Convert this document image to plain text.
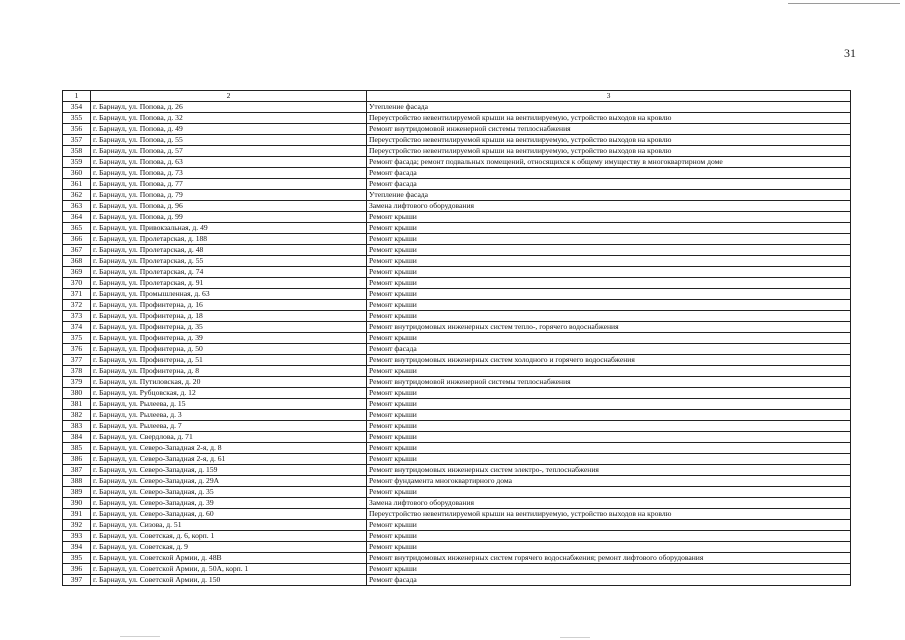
31
1	2	3
354	г. Барнаул, ул. Попова, д. 26	Утепление фасада
355	г. Барнаул, ул. Попова, д. 32	Переустройство невентилируемой крыши на вентилируемую, устройство выходов на кровлю
356	г. Барнаул, ул. Попова, д. 49	Ремонт внутридомовой инженерной системы теплоснабжения
357	г. Барнаул, ул. Попова, д. 55	Переустройство невентилируемой крыши на вентилируемую, устройство выходов на кровлю
358	г. Барнаул, ул. Попова, д. 57	Переустройство невентилируемой крыши на вентилируемую, устройство выходов на кровлю
359	г. Барнаул, ул. Попова, д. 63	Ремонт фасада; ремонт подвальных помещений, относящихся к общему имуществу в многоквартирном доме
360	г. Барнаул, ул. Попова, д. 73	Ремонт фасада
361	г. Барнаул, ул. Попова, д. 77	Ремонт фасада
362	г. Барнаул, ул. Попова, д. 79	Утепление фасада
363	г. Барнаул, ул. Попова, д. 96	Замена лифтового оборудования
364	г. Барнаул, ул. Попова, д. 99	Ремонт крыши
365	г. Барнаул, ул. Привокзальная, д. 49	Ремонт крыши
366	г. Барнаул, ул. Пролетарская, д. 188	Ремонт крыши
367	г. Барнаул, ул. Пролетарская, д. 48	Ремонт крыши
368	г. Барнаул, ул. Пролетарская, д. 55	Ремонт крыши
369	г. Барнаул, ул. Пролетарская, д. 74	Ремонт крыши
370	г. Барнаул, ул. Пролетарская, д. 91	Ремонт крыши
371	г. Барнаул, ул. Промышленная, д. 63	Ремонт крыши
372	г. Барнаул, ул. Профинтерна, д. 16	Ремонт крыши
373	г. Барнаул, ул. Профинтерна, д. 18	Ремонт крыши
374	г. Барнаул, ул. Профинтерна, д. 35	Ремонт внутридомовых инженерных систем тепло-, горячего водоснабжения
375	г. Барнаул, ул. Профинтерна, д. 39	Ремонт крыши
376	г. Барнаул, ул. Профинтерна, д. 50	Ремонт фасада
377	г. Барнаул, ул. Профинтерна, д. 51	Ремонт внутридомовых инженерных систем холодного и горячего водоснабжения
378	г. Барнаул, ул. Профинтерна, д. 8	Ремонт крыши
379	г. Барнаул, ул. Путиловская, д. 20	Ремонт внутридомовой инженерной системы теплоснабжения
380	г. Барнаул, ул. Рубцовская, д. 12	Ремонт крыши
381	г. Барнаул, ул. Рылеева, д. 15	Ремонт крыши
382	г. Барнаул, ул. Рылеева, д. 3	Ремонт крыши
383	г. Барнаул, ул. Рылеева, д. 7	Ремонт крыши
384	г. Барнаул, ул. Свердлова, д. 71	Ремонт крыши
385	г. Барнаул, ул. Северо-Западная 2-я, д. 8	Ремонт крыши
386	г. Барнаул, ул. Северо-Западная 2-я, д. 61	Ремонт крыши
387	г. Барнаул, ул. Северо-Западная, д. 159	Ремонт внутридомовых инженерных систем электро-, теплоснабжения
388	г. Барнаул, ул. Северо-Западная, д. 29А	Ремонт фундамента многоквартирного дома
389	г. Барнаул, ул. Северо-Западная, д. 35	Ремонт крыши
390	г. Барнаул, ул. Северо-Западная, д. 39	Замена лифтового оборудования
391	г. Барнаул, ул. Северо-Западная, д. 60	Переустройство невентилируемой крыши на вентилируемую, устройство выходов на кровлю
392	г. Барнаул, ул. Сизова, д. 51	Ремонт крыши
393	г. Барнаул, ул. Советская, д. 6, корп. 1	Ремонт крыши
394	г. Барнаул, ул. Советская, д. 9	Ремонт крыши
395	г. Барнаул, ул. Советской Армии, д. 48В	Ремонт внутридомовых инженерных систем горячего водоснабжения; ремонт лифтового оборудования
396	г. Барнаул, ул. Советской Армии, д. 50А, корп. 1	Ремонт крыши
397	г. Барнаул, ул. Советской Армии, д. 150	Ремонт фасада
